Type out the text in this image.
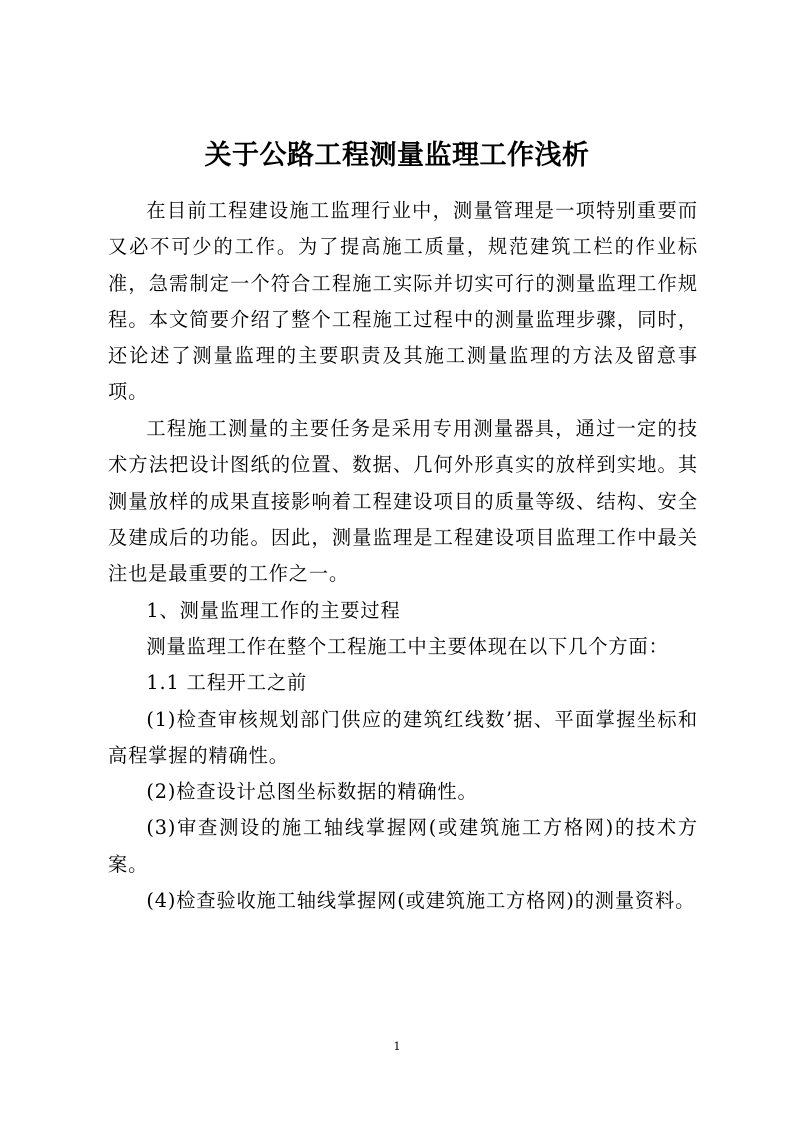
关于公路工程测量监理工作浅析

在目前工程建设施工监理行业中，测量管理是一项特别重要而又必不可少的工作。为了提高施工质量，规范建筑工栏的作业标准，急需制定一个符合工程施工实际并切实可行的测量监理工作规程。本文简要介绍了整个工程施工过程中的测量监理步骤，同时，还论述了测量监理的主要职责及其施工测量监理的方法及留意事项。

工程施工测量的主要任务是采用专用测量器具，通过一定的技术方法把设计图纸的位置、数据、几何外形真实的放样到实地。其测量放样的成果直接影响着工程建设项目的质量等级、结构、安全及建成后的功能。因此，测量监理是工程建设项目监理工作中最关注也是最重要的工作之一。

1、测量监理工作的主要过程

测量监理工作在整个工程施工中主要体现在以下几个方面：

1.1 工程开工之前

(1)检查审核规划部门供应的建筑红线数’据、平面掌握坐标和高程掌握的精确性。

(2)检查设计总图坐标数据的精确性。

(3)审查测设的施工轴线掌握网(或建筑施工方格网)的技术方案。

(4)检查验收施工轴线掌握网(或建筑施工方格网)的测量资料。

1
